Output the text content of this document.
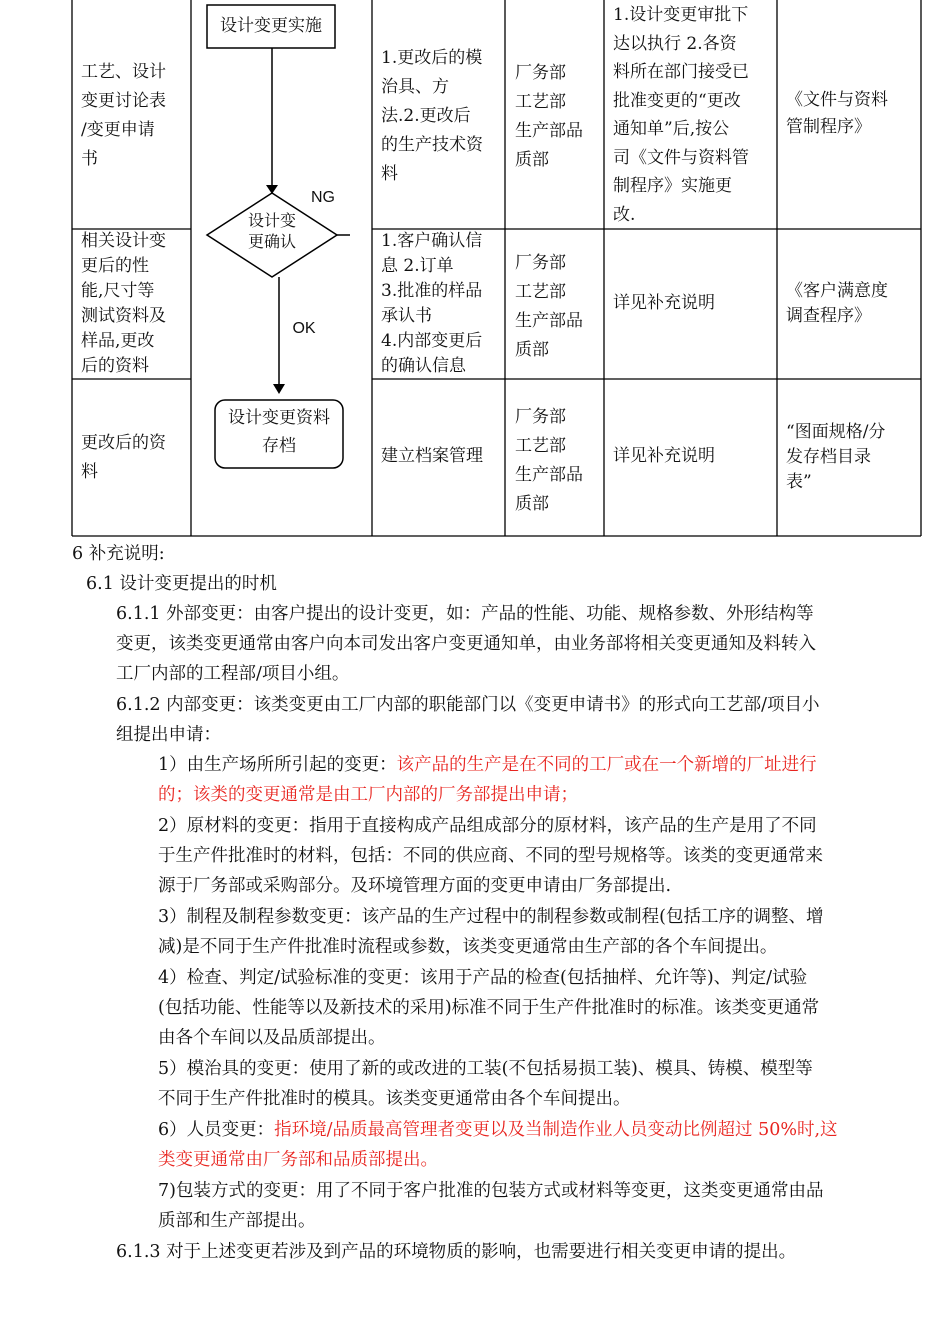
设计变更实施
设计变
更确认
NG
OK
设计变更资料
存档
工艺、设计
变更讨论表
/变更申请
书
1.更改后的模
治具、方
法.2.更改后
的生产技术资
料
厂务部
工艺部
生产部品
质部
1.设计变更审批下
达以执行 2.各资
料所在部门接受已
批准变更的“更改
通知单”后,按公
司《文件与资料管
制程序》实施更
改.
《文件与资料
管制程序》
相关设计变
更后的性
能,尺寸等
测试资料及
样品,更改
后的资料
1.客户确认信
息 2.订单
3.批准的样品
承认书
4.内部变更后
的确认信息
厂务部
工艺部
生产部品
质部
详见补充说明
《客户满意度
调查程序》
更改后的资
料
建立档案管理
厂务部
工艺部
生产部品
质部
详见补充说明
“图面规格/分
发存档目录
表”
6 补充说明:
6.1 设计变更提出的时机
6.1.1 外部变更：由客户提出的设计变更，如：产品的性能、功能、规格参数、外形结构等
变更，该类变更通常由客户向本司发出客户变更通知单，由业务部将相关变更通知及料转入
工厂内部的工程部/项目小组。
6.1.2 内部变更：该类变更由工厂内部的职能部门以《变更申请书》的形式向工艺部/项目小
组提出申请：
1）由生产场所所引起的变更：该产品的生产是在不同的工厂或在一个新增的厂址进行
的；该类的变更通常是由工厂内部的厂务部提出申请；
2）原材料的变更：指用于直接构成产品组成部分的原材料，该产品的生产是用了不同
于生产件批准时的材料，包括：不同的供应商、不同的型号规格等。该类的变更通常来
源于厂务部或采购部分。及环境管理方面的变更申请由厂务部提出.
3）制程及制程参数变更：该产品的生产过程中的制程参数或制程(包括工序的调整、增
减)是不同于生产件批准时流程或参数，该类变更通常由生产部的各个车间提出。
4）检查、判定/试验标准的变更：该用于产品的检查(包括抽样、允许等)、判定/试验
(包括功能、性能等以及新技术的采用)标准不同于生产件批准时的标准。该类变更通常
由各个车间以及品质部提出。
5）模治具的变更：使用了新的或改进的工装(不包括易损工装)、模具、铸模、模型等
不同于生产件批准时的模具。该类变更通常由各个车间提出。
6）人员变更：指环境/品质最高管理者变更以及当制造作业人员变动比例超过 50%时,这
类变更通常由厂务部和品质部提出。
7)包装方式的变更：用了不同于客户批准的包装方式或材料等变更，这类变更通常由品
质部和生产部提出。
6.1.3 对于上述变更若涉及到产品的环境物质的影响，也需要进行相关变更申请的提出。
